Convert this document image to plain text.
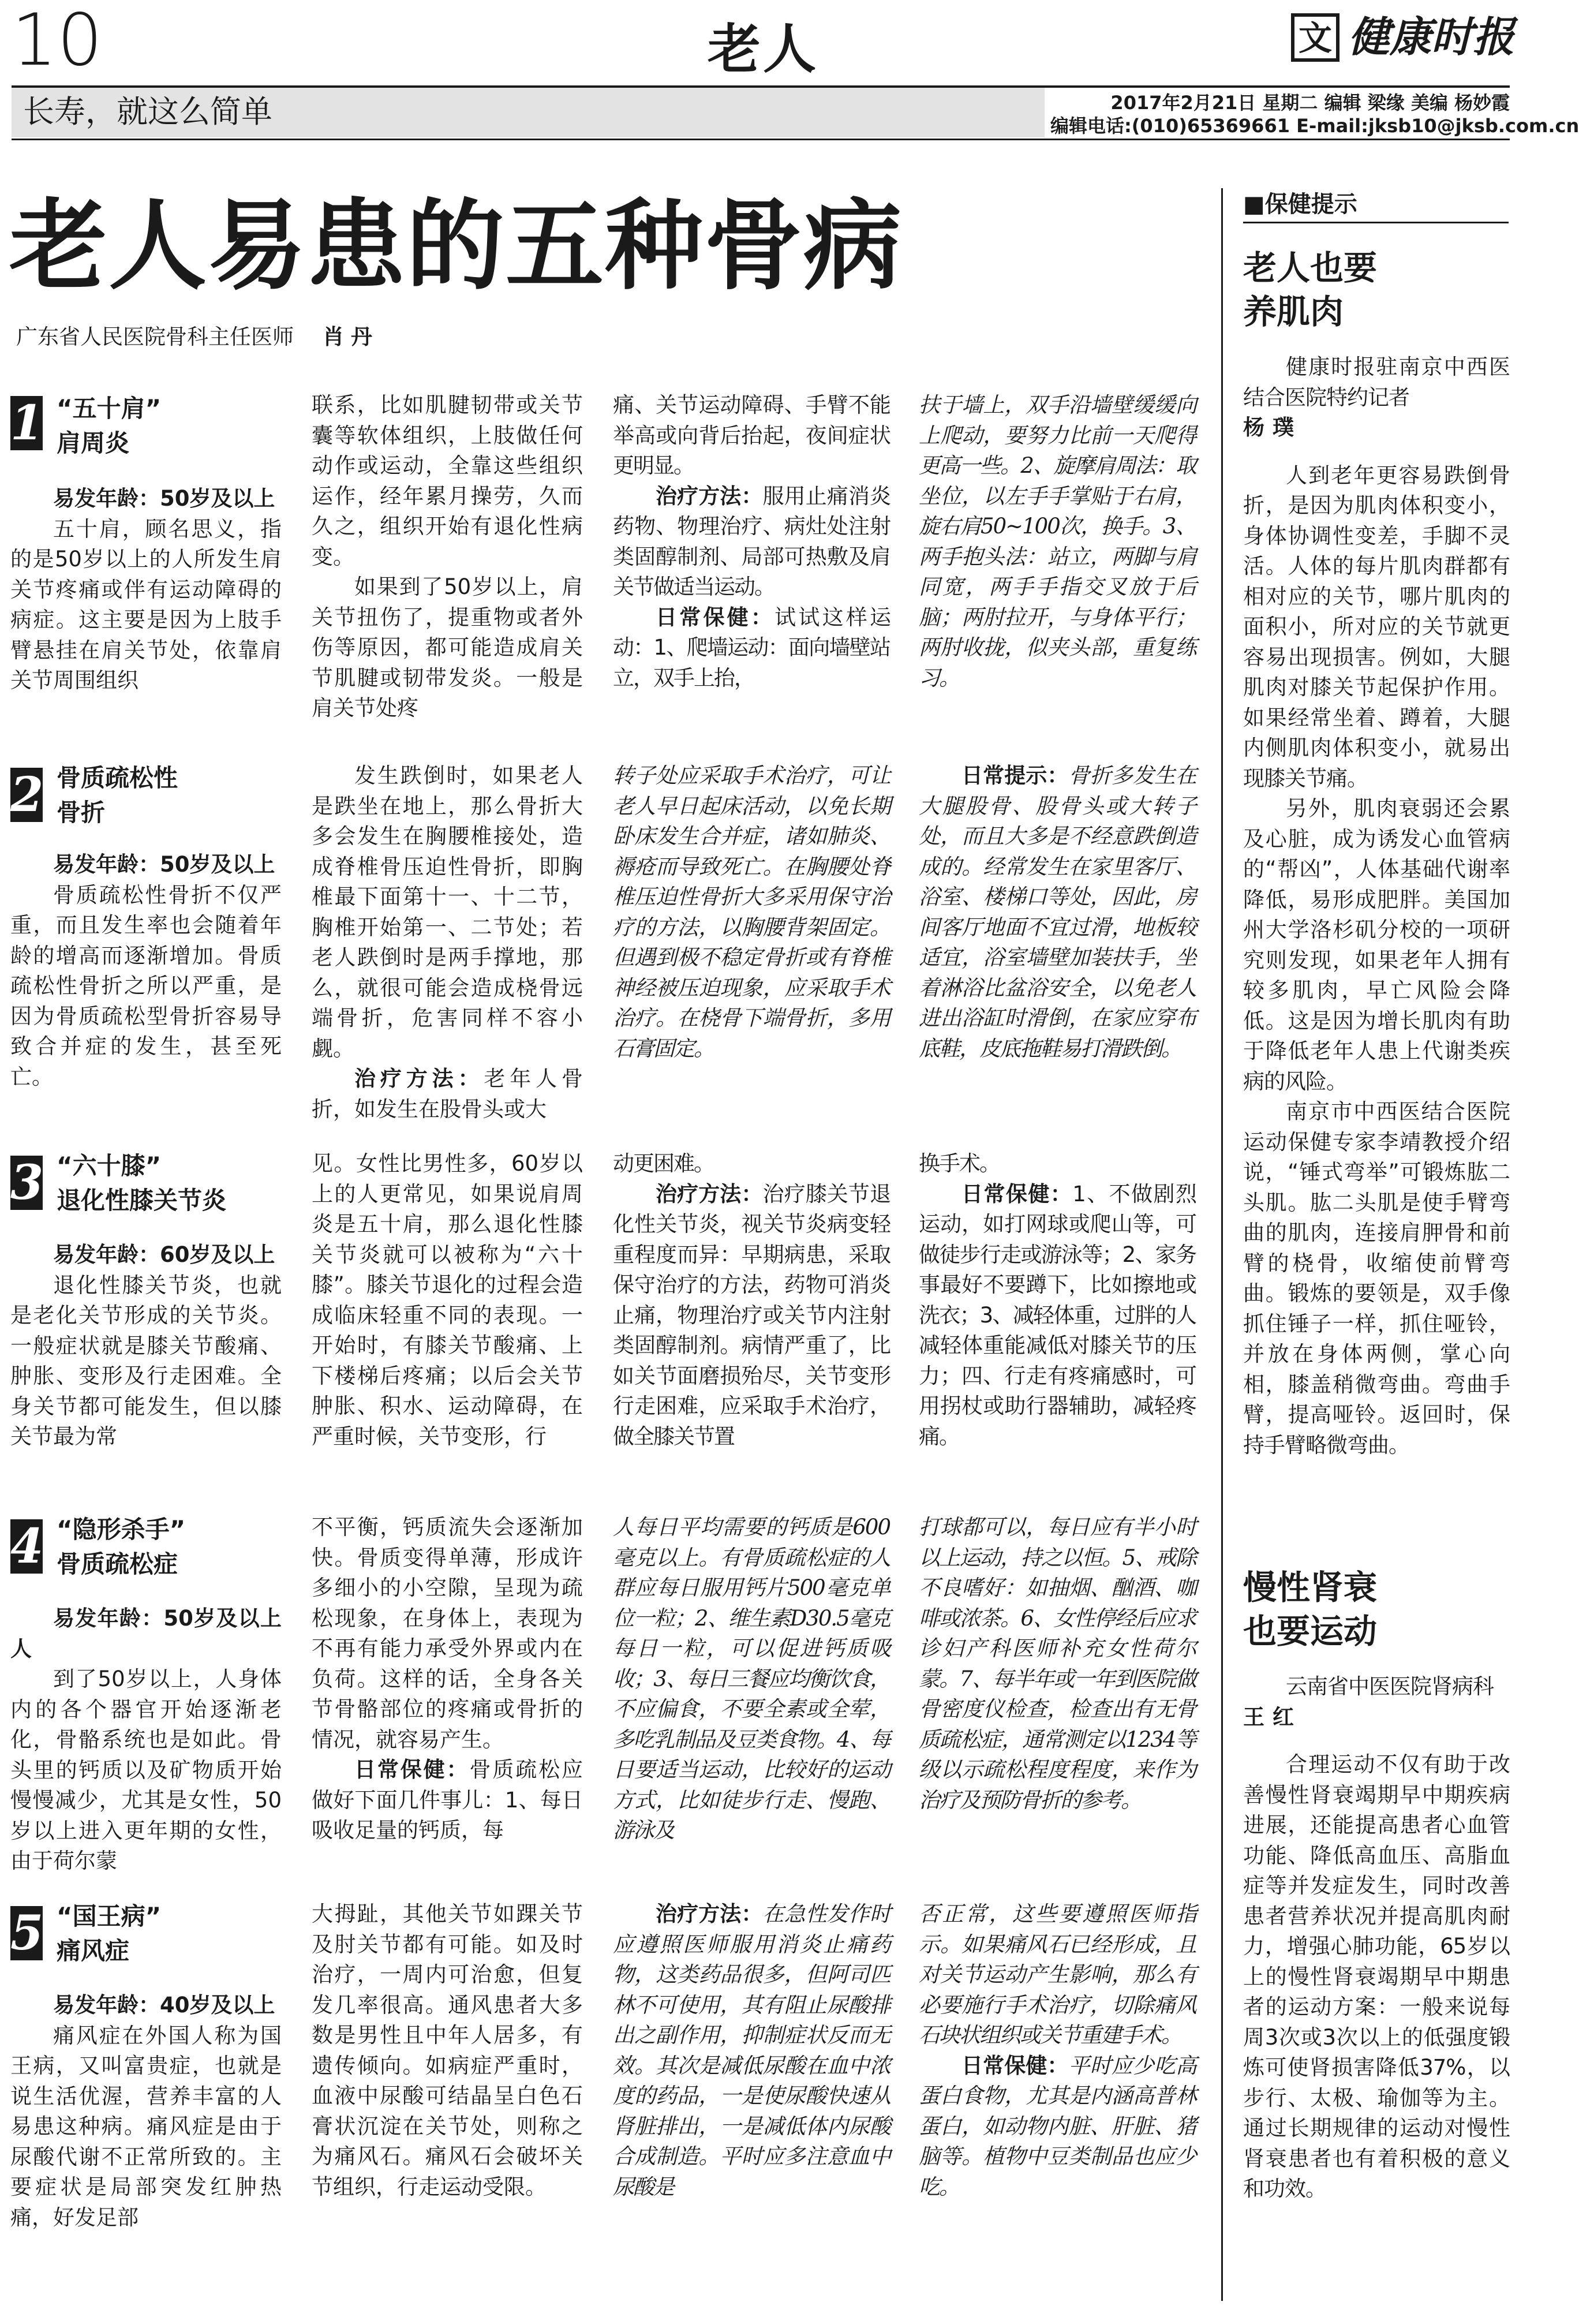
10	老人	文 健康时报
长寿，就这么简单	2017年2月21日 星期二 编辑 梁缘 美编 杨妙霞
编辑电话:(010)65369661 E-mail:jksb10@jksb.com.cn
老人易患的五种骨病
广东省人民医院骨科主任医师 肖丹
1 “五十肩”
肩周炎

易发年龄：50岁及以上

五十肩，顾名思义，指的是50岁以上的人所发生肩关节疼痛或伴有运动障碍的病症。这主要是因为上肢手臂悬挂在肩关节处，依靠肩关节周围组织

联系，比如肌腱韧带或关节囊等软体组织，上肢做任何动作或运动，全靠这些组织运作，经年累月操劳，久而久之，组织开始有退化性病变。

如果到了50岁以上，肩关节扭伤了，提重物或者外伤等原因，都可能造成肩关节肌腱或韧带发炎。一般是肩关节处疼

痛、关节运动障碍、手臂不能举高或向背后抬起，夜间症状更明显。

治疗方法：服用止痛消炎药物、物理治疗、病灶处注射类固醇制剂、局部可热敷及肩关节做适当运动。

日常保健：试试这样运动：1、爬墙运动：面向墙壁站立，双手上抬，

扶于墙上，双手沿墙壁缓缓向上爬动，要努力比前一天爬得更高一些。2、旋摩肩周法：取坐位，以左手手掌贴于右肩，旋右肩50~100次，换手。3、两手抱头法：站立，两脚与肩同宽，两手手指交叉放于后脑；两肘拉开，与身体平行；两肘收拢，似夹头部，重复练习。

2 骨质疏松性
骨折

易发年龄：50岁及以上

骨质疏松性骨折不仅严重，而且发生率也会随着年龄的增高而逐渐增加。骨质疏松性骨折之所以严重，是因为骨质疏松型骨折容易导致合并症的发生，甚至死亡。

发生跌倒时，如果老人是跌坐在地上，那么骨折大多会发生在胸腰椎接处，造成脊椎骨压迫性骨折，即胸椎最下面第十一、十二节，胸椎开始第一、二节处；若老人跌倒时是两手撑地，那么，就很可能会造成桡骨远端骨折，危害同样不容小觑。

治疗方法：老年人骨折，如发生在股骨头或大

转子处应采取手术治疗，可让老人早日起床活动，以免长期卧床发生合并症，诸如肺炎、褥疮而导致死亡。在胸腰处脊椎压迫性骨折大多采用保守治疗的方法，以胸腰背架固定。但遇到极不稳定骨折或有脊椎神经被压迫现象，应采取手术治疗。在桡骨下端骨折，多用石膏固定。

日常提示：骨折多发生在大腿股骨、股骨头或大转子处，而且大多是不经意跌倒造成的。经常发生在家里客厅、浴室、楼梯口等处，因此，房间客厅地面不宜过滑，地板较适宜，浴室墙壁加装扶手，坐着淋浴比盆浴安全，以免老人进出浴缸时滑倒，在家应穿布底鞋，皮底拖鞋易打滑跌倒。

3 “六十膝”
退化性膝关节炎

易发年龄：60岁及以上

退化性膝关节炎，也就是老化关节形成的关节炎。一般症状就是膝关节酸痛、肿胀、变形及行走困难。全身关节都可能发生，但以膝关节最为常

见。女性比男性多，60岁以上的人更常见，如果说肩周炎是五十肩，那么退化性膝关节炎就可以被称为“六十膝”。膝关节退化的过程会造成临床轻重不同的表现。一开始时，有膝关节酸痛、上下楼梯后疼痛；以后会关节肿胀、积水、运动障碍，在严重时候，关节变形，行

动更困难。

治疗方法：治疗膝关节退化性关节炎，视关节炎病变轻重程度而异：早期病患，采取保守治疗的方法，药物可消炎止痛，物理治疗或关节内注射类固醇制剂。病情严重了，比如关节面磨损殆尽，关节变形行走困难，应采取手术治疗，做全膝关节置

换手术。

日常保健：1、不做剧烈运动，如打网球或爬山等，可做徒步行走或游泳等；2、家务事最好不要蹲下，比如擦地或洗衣；3、减轻体重，过胖的人减轻体重能减低对膝关节的压力；四、行走有疼痛感时，可用拐杖或助行器辅助，减轻疼痛。

4 “隐形杀手”
骨质疏松症

易发年龄：50岁及以上人

到了50岁以上，人身体内的各个器官开始逐渐老化，骨骼系统也是如此。骨头里的钙质以及矿物质开始慢慢减少，尤其是女性，50岁以上进入更年期的女性，由于荷尔蒙

不平衡，钙质流失会逐渐加快。骨质变得单薄，形成许多细小的小空隙，呈现为疏松现象，在身体上，表现为不再有能力承受外界或内在负荷。这样的话，全身各关节骨骼部位的疼痛或骨折的情况，就容易产生。

日常保健：骨质疏松应做好下面几件事儿：1、每日吸收足量的钙质，每

人每日平均需要的钙质是600毫克以上。有骨质疏松症的人群应每日服用钙片500毫克单位一粒；2、维生素D30.5毫克每日一粒，可以促进钙质吸收；3、每日三餐应均衡饮食，不应偏食，不要全素或全荤，多吃乳制品及豆类食物。4、每日要适当运动，比较好的运动方式，比如徒步行走、慢跑、游泳及

打球都可以，每日应有半小时以上运动，持之以恒。5、戒除不良嗜好：如抽烟、酗酒、咖啡或浓茶。6、女性停经后应求诊妇产科医师补充女性荷尔蒙。7、每半年或一年到医院做骨密度仪检查，检查出有无骨质疏松症，通常测定以1234等级以示疏松程度程度，来作为治疗及预防骨折的参考。

5 “国王病”
痛风症

易发年龄：40岁及以上

痛风症在外国人称为国王病，又叫富贵症，也就是说生活优渥，营养丰富的人易患这种病。痛风症是由于尿酸代谢不正常所致的。主要症状是局部突发红肿热痛，好发足部

大拇趾，其他关节如踝关节及肘关节都有可能。如及时治疗，一周内可治愈，但复发几率很高。通风患者大多数是男性且中年人居多，有遗传倾向。如病症严重时，血液中尿酸可结晶呈白色石膏状沉淀在关节处，则称之为痛风石。痛风石会破坏关节组织，行走运动受限。

治疗方法：在急性发作时应遵照医师服用消炎止痛药物，这类药品很多，但阿司匹林不可使用，其有阻止尿酸排出之副作用，抑制症状反而无效。其次是减低尿酸在血中浓度的药品，一是使尿酸快速从肾脏排出，一是减低体内尿酸合成制造。平时应多注意血中尿酸是

否正常，这些要遵照医师指示。如果痛风石已经形成，且对关节运动产生影响，那么有必要施行手术治疗，切除痛风石块状组织或关节重建手术。

日常保健：平时应少吃高蛋白食物，尤其是内涵高普林蛋白，如动物内脏、肝脏、猪脑等。植物中豆类制品也应少吃。

■保健提示
老人也要
养肌肉

健康时报驻南京中西医结合医院特约记者

杨璞

人到老年更容易跌倒骨折，是因为肌肉体积变小，身体协调性变差，手脚不灵活。人体的每片肌肉群都有相对应的关节，哪片肌肉的面积小，所对应的关节就更容易出现损害。例如，大腿肌肉对膝关节起保护作用。如果经常坐着、蹲着，大腿内侧肌肉体积变小，就易出现膝关节痛。

另外，肌肉衰弱还会累及心脏，成为诱发心血管病的“帮凶”，人体基础代谢率降低，易形成肥胖。美国加州大学洛杉矶分校的一项研究则发现，如果老年人拥有较多肌肉，早亡风险会降低。这是因为增长肌肉有助于降低老年人患上代谢类疾病的风险。

南京市中西医结合医院运动保健专家李靖教授介绍说，“锤式弯举”可锻炼肱二头肌。肱二头肌是使手臂弯曲的肌肉，连接肩胛骨和前臂的桡骨，收缩使前臂弯曲。锻炼的要领是，双手像抓住锤子一样，抓住哑铃，并放在身体两侧，掌心向相，膝盖稍微弯曲。弯曲手臂，提高哑铃。返回时，保持手臂略微弯曲。

慢性肾衰
也要运动

云南省中医医院肾病科

王红

合理运动不仅有助于改善慢性肾衰竭期早中期疾病进展，还能提高患者心血管功能、降低高血压、高脂血症等并发症发生，同时改善患者营养状况并提高肌肉耐力，增强心肺功能，65岁以上的慢性肾衰竭期早中期患者的运动方案：一般来说每周3次或3次以上的低强度锻炼可使肾损害降低37%，以步行、太极、瑜伽等为主。通过长期规律的运动对慢性肾衰患者也有着积极的意义和功效。
